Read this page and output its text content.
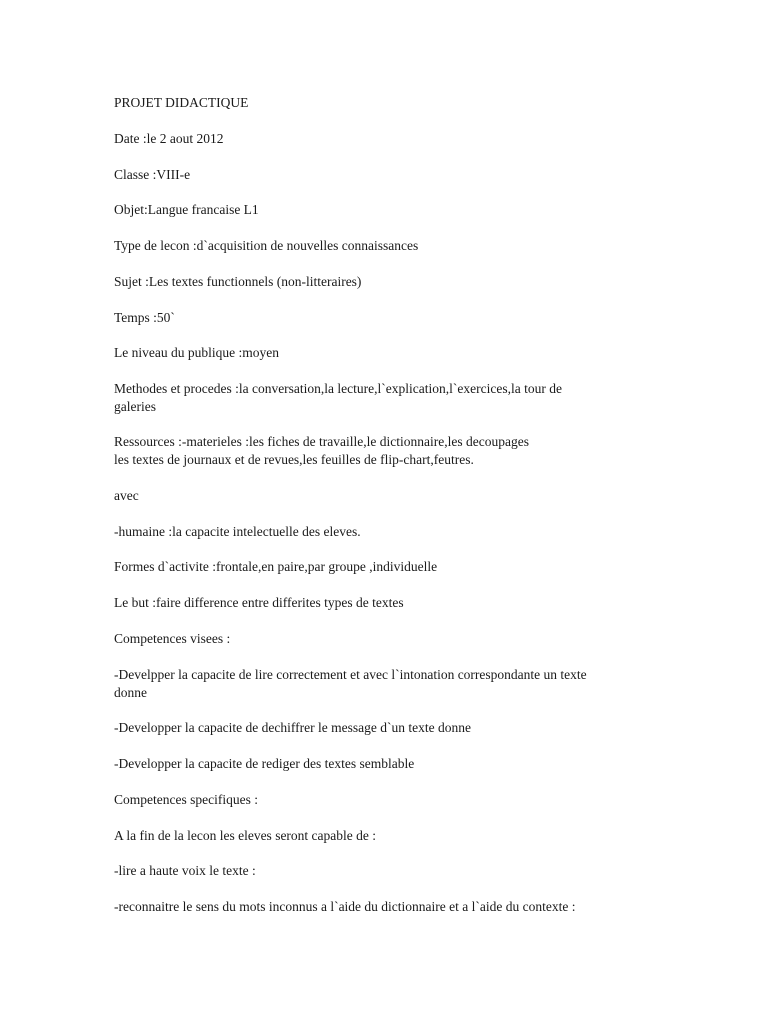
PROJET DIDACTIQUE

Date :le 2 aout 2012

Classe :VIII-e

Objet:Langue francaise L1

Type de lecon :d`acquisition de nouvelles connaissances

Sujet :Les textes functionnels (non-litteraires)

Temps :50`

Le niveau du publique :moyen

Methodes et procedes :la conversation,la lecture,l`explication,l`exercices,la tour de

galeries

Ressources :-materieles :les fiches de travaille,le dictionnaire,les decoupages

les textes de journaux et de revues,les feuilles de flip-chart,feutres.

avec

-humaine :la capacite intelectuelle des eleves.

Formes d`activite :frontale,en paire,par groupe ,individuelle

Le but :faire difference entre differites types de textes

Competences visees :

-Develpper la capacite de lire correctement et avec l`intonation correspondante un texte

donne

-Developper la capacite de dechiffrer le message d`un texte donne

-Developper la capacite de rediger des textes semblable

Competences specifiques :

A la fin de la lecon les eleves seront capable de :

-lire a haute voix le texte :

-reconnaitre le sens du mots inconnus a l`aide du dictionnaire et a l`aide du contexte :
